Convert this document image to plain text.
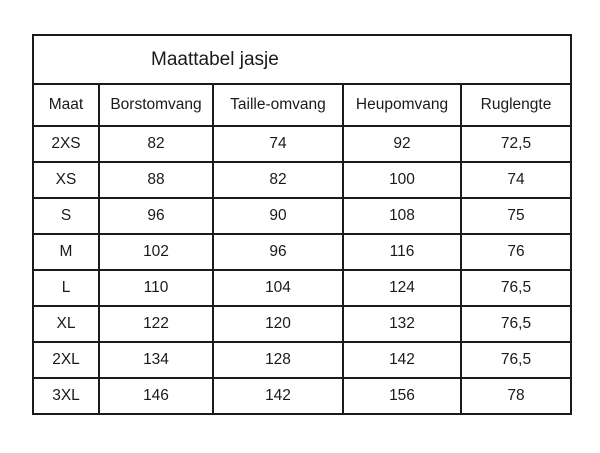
Maattabel jasje				
Maat	Borstomvang	Taille-omvang	Heupomvang	Ruglengte
2XS	82	74	92	72,5
XS	88	82	100	74
S	96	90	108	75
M	102	96	116	76
L	110	104	124	76,5
XL	122	120	132	76,5
2XL	134	128	142	76,5
3XL	146	142	156	78
